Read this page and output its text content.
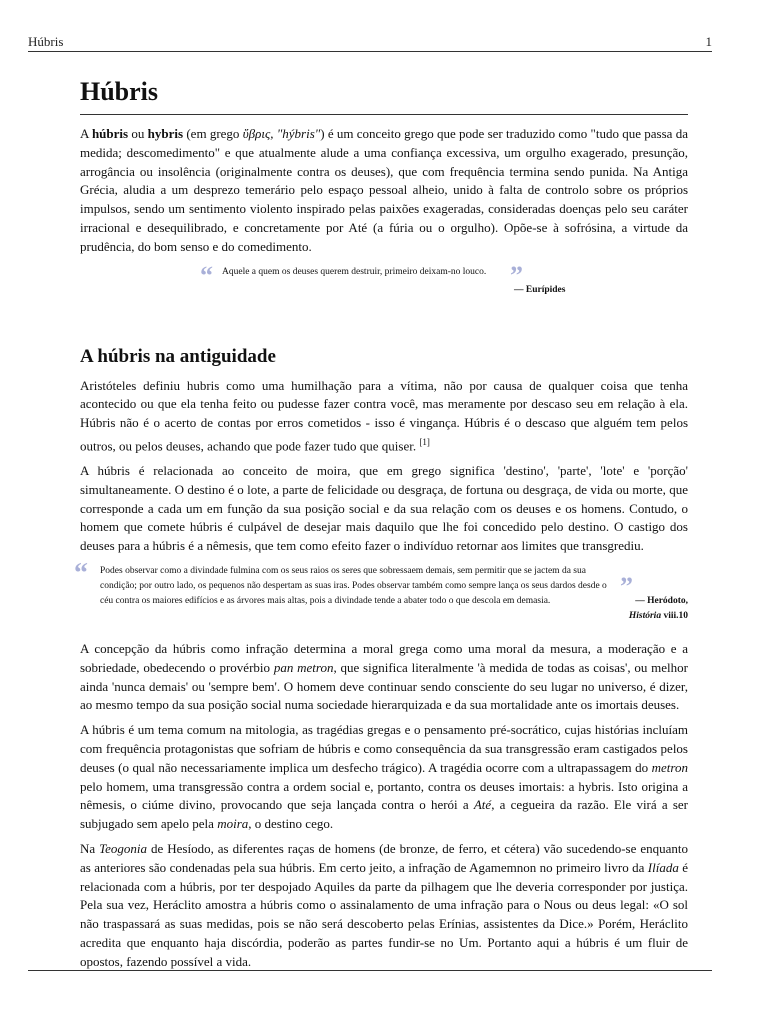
Húbris	1
Húbris

A húbris ou hybris (em grego ὕβρις, "hýbris") é um conceito grego que pode ser traduzido como "tudo que passa da medida; descomedimento" e que atualmente alude a uma confiança excessiva, um orgulho exagerado, presunção, arrogância ou insolência (originalmente contra os deuses), que com frequência termina sendo punida. Na Antiga Grécia, aludia a um desprezo temerário pelo espaço pessoal alheio, unido à falta de controlo sobre os próprios impulsos, sendo um sentimento violento inspirado pelas paixões exageradas, consideradas doenças pelo seu caráter irracional e desequilibrado, e concretamente por Até (a fúria ou o orgulho). Opõe-se à sofrósina, a virtude da prudência, do bom senso e do comedimento.

“ Aquele a quem os deuses querem destruir, primeiro deixam-no louco. ”
— Eurípides
A húbris na antiguidade

Aristóteles definiu hubris como uma humilhação para a vítima, não por causa de qualquer coisa que tenha acontecido ou que ela tenha feito ou pudesse fazer contra você, mas meramente por descaso seu em relação à ela. Húbris não é o acerto de contas por erros cometidos - isso é vingança. Húbris é o descaso que alguém tem pelos outros, ou pelos deuses, achando que pode fazer tudo que quiser. [1]

A húbris é relacionada ao conceito de moira, que em grego significa 'destino', 'parte', 'lote' e 'porção' simultaneamente. O destino é o lote, a parte de felicidade ou desgraça, de fortuna ou desgraça, de vida ou morte, que corresponde a cada um em função da sua posição social e da sua relação com os deuses e os homens. Contudo, o homem que comete húbris é culpável de desejar mais daquilo que lhe foi concedido pelo destino. O castigo dos deuses para a húbris é a nêmesis, que tem como efeito fazer o indivíduo retornar aos limites que transgrediu.

“ Podes observar como a divindade fulmina com os seus raios os seres que sobressaem demais, sem permitir que se jactem da sua condição; por outro lado, os pequenos não despertam as suas iras. Podes observar também como sempre lança os seus dardos desde o céu contra os maiores edifícios e as árvores mais altas, pois a divindade tende a abater todo o que descola em demasia.	” — Heródoto,
História viii.10

A concepção da húbris como infração determina a moral grega como uma moral da mesura, a moderação e a sobriedade, obedecendo o provérbio pan metron, que significa literalmente 'à medida de todas as coisas', ou melhor ainda 'nunca demais' ou 'sempre bem'. O homem deve continuar sendo consciente do seu lugar no universo, é dizer, ao mesmo tempo da sua posição social numa sociedade hierarquizada e da sua mortalidade ante os imortais deuses.

A húbris é um tema comum na mitologia, as tragédias gregas e o pensamento pré-socrático, cujas histórias incluíam com frequência protagonistas que sofriam de húbris e como consequência da sua transgressão eram castigados pelos deuses (o qual não necessariamente implica um desfecho trágico). A tragédia ocorre com a ultrapassagem do metron pelo homem, uma transgressão contra a ordem social e, portanto, contra os deuses imortais: a hybris. Isto origina a nêmesis, o ciúme divino, provocando que seja lançada contra o herói a Até, a cegueira da razão. Ele virá a ser subjugado sem apelo pela moira, o destino cego.

Na Teogonia de Hesíodo, as diferentes raças de homens (de bronze, de ferro, et cétera) vão sucedendo-se enquanto as anteriores são condenadas pela sua húbris. Em certo jeito, a infração de Agamemnon no primeiro livro da Ilíada é relacionada com a húbris, por ter despojado Aquiles da parte da pilhagem que lhe deveria corresponder por justiça. Pela sua vez, Heráclito amostra a húbris como o assinalamento de uma infração para o Nous ou deus legal: «O sol não traspassará as suas medidas, pois se não será descoberto pelas Erínias, assistentes da Dice.» Porém, Heráclito acredita que enquanto haja discórdia, poderão as partes fundir-se no Um. Portanto aqui a húbris é um fluir de opostos, fazendo possível a vida.
